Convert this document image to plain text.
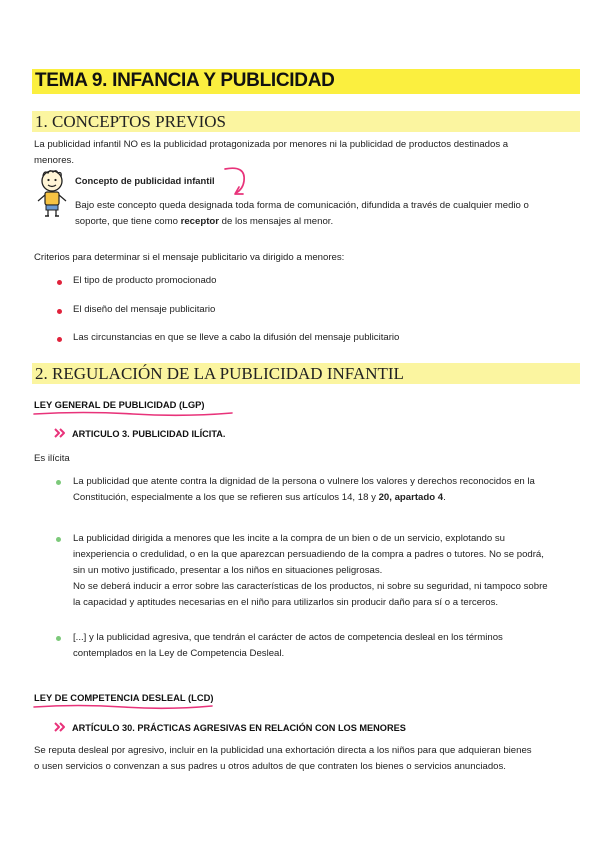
TEMA 9. INFANCIA Y PUBLICIDAD
1. CONCEPTOS PREVIOS
La publicidad infantil NO es la publicidad protagonizada por menores ni la publicidad de productos destinados a
menores.
Concepto de publicidad infantil
Bajo este concepto queda designada toda forma de comunicación, difundida a través de cualquier medio o
soporte, que tiene como receptor de los mensajes al menor.
Criterios para determinar si el mensaje publicitario va dirigido a menores:
El tipo de producto promocionado
El diseño del mensaje publicitario
Las circunstancias en que se lleve a cabo la difusión del mensaje publicitario
2. REGULACIÓN DE LA PUBLICIDAD INFANTIL
LEY GENERAL DE PUBLICIDAD (LGP)
ARTICULO 3. PUBLICIDAD ILÍCITA.
Es ilícita
La publicidad que atente contra la dignidad de la persona o vulnere los valores y derechos reconocidos en la
Constitución, especialmente a los que se refieren sus artículos 14, 18 y 20, apartado 4.
La publicidad dirigida a menores que les incite a la compra de un bien o de un servicio, explotando su
inexperiencia o credulidad, o en la que aparezcan persuadiendo de la compra a padres o tutores. No se podrá,
sin un motivo justificado, presentar a los niños en situaciones peligrosas.
No se deberá inducir a error sobre las características de los productos, ni sobre su seguridad, ni tampoco sobre
la capacidad y aptitudes necesarias en el niño para utilizarlos sin producir daño para sí o a terceros.
[...] y la publicidad agresiva, que tendrán el carácter de actos de competencia desleal en los términos
contemplados en la Ley de Competencia Desleal.
LEY DE COMPETENCIA DESLEAL (LCD)
ARTÍCULO 30. PRÁCTICAS AGRESIVAS EN RELACIÓN CON LOS MENORES
Se reputa desleal por agresivo, incluir en la publicidad una exhortación directa a los niños para que adquieran bienes
o usen servicios o convenzan a sus padres u otros adultos de que contraten los bienes o servicios anunciados.
